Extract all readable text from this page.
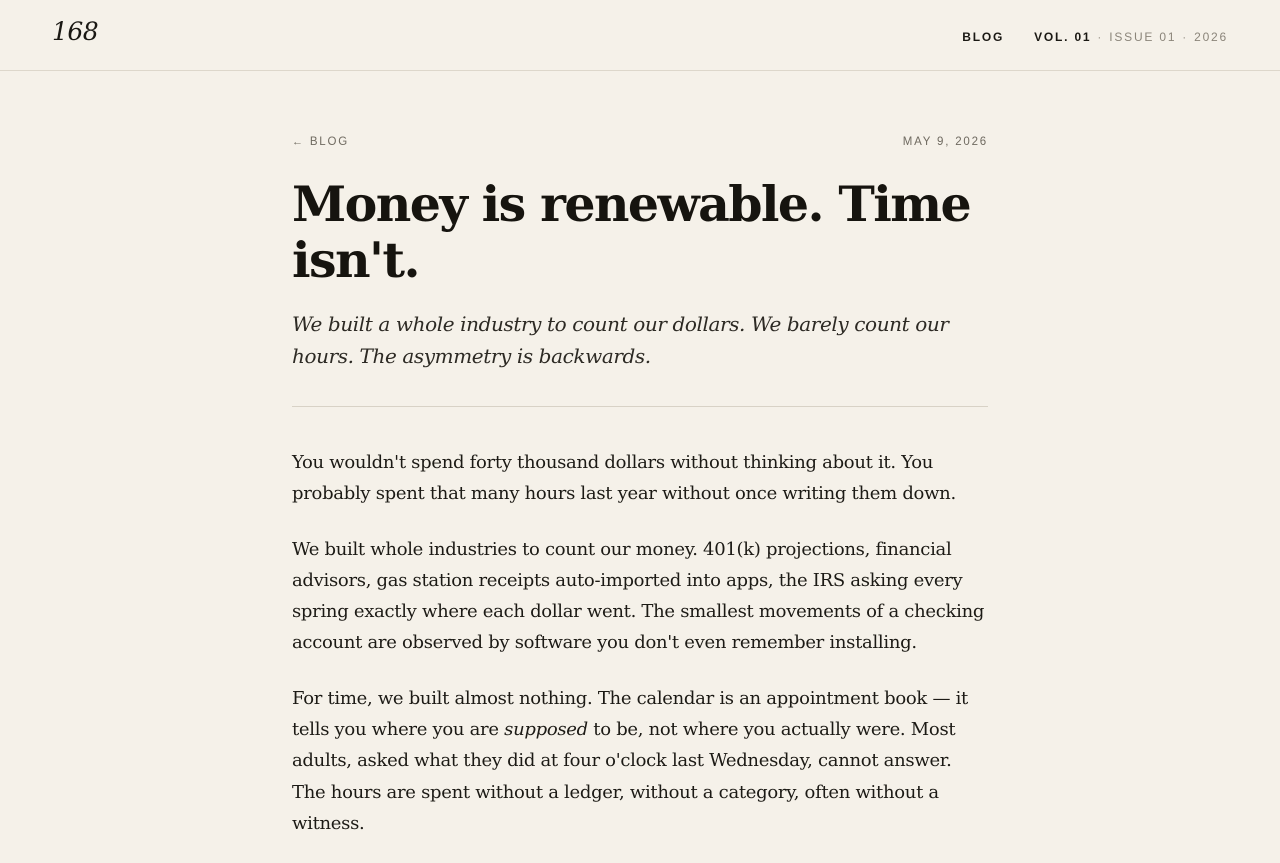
168	BLOG	VOL. 01 · ISSUE 01 · 2026
← BLOG	MAY 9, 2026
Money is renewable. Time isn't.

We built a whole industry to count our dollars. We barely count our hours. The asymmetry is backwards.

You wouldn't spend forty thousand dollars without thinking about it. You probably spent that many hours last year without once writing them down.

We built whole industries to count our money. 401(k) projections, financial advisors, gas station receipts auto-imported into apps, the IRS asking every spring exactly where each dollar went. The smallest movements of a checking account are observed by software you don't even remember installing.

For time, we built almost nothing. The calendar is an appointment book — it tells you where you are supposed to be, not where you actually were. Most adults, asked what they did at four o'clock last Wednesday, cannot answer. The hours are spent without a ledger, without a category, often without a witness.
